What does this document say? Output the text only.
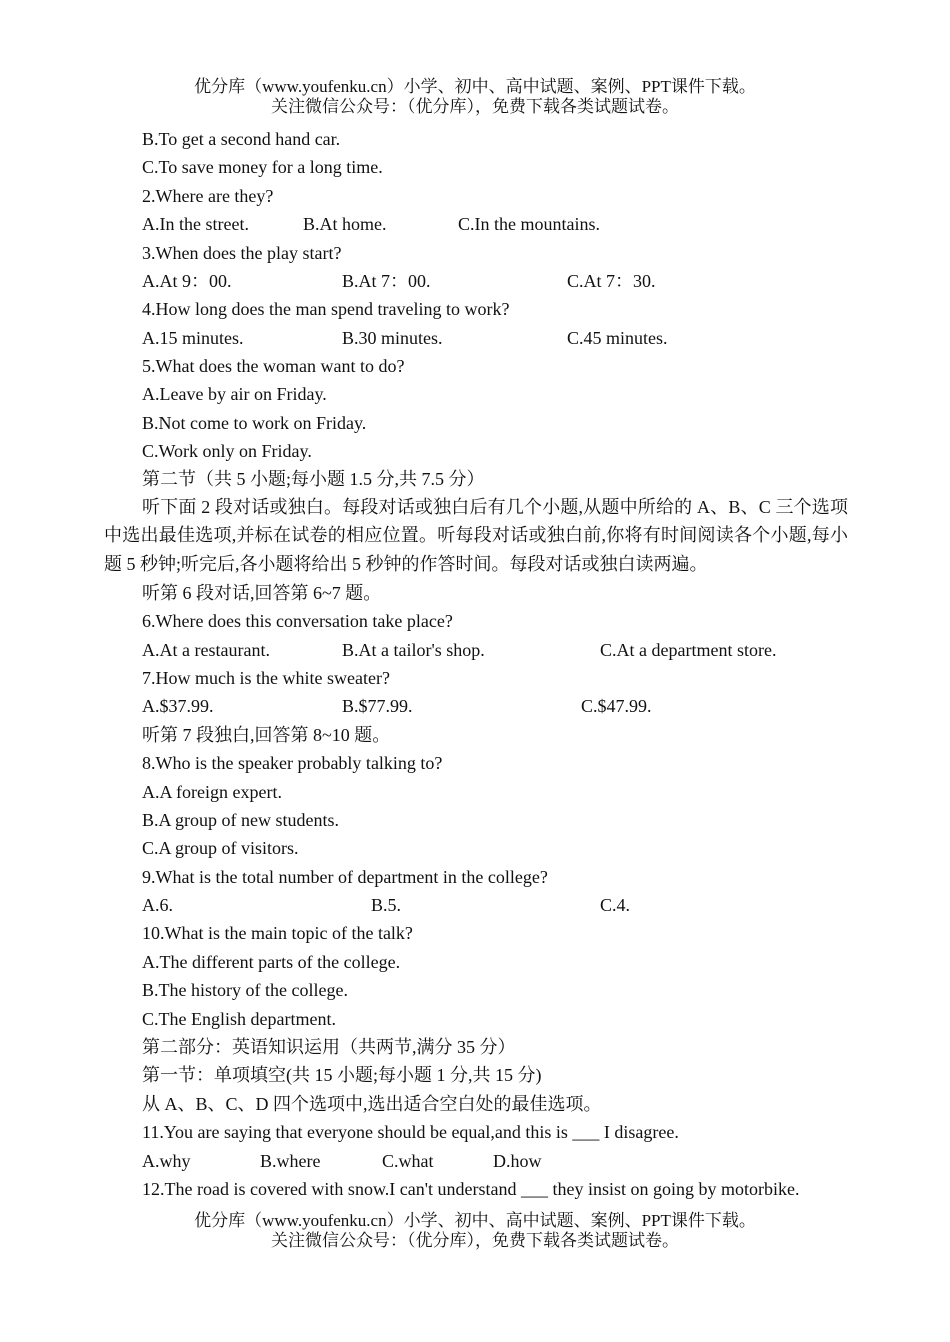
优分库（www.youfenku.cn）小学、初中、高中试题、案例、PPT课件下载。
关注微信公众号：（优分库），免费下载各类试题试卷。
B.To get a second hand car.
C.To save money for a long time.
2.Where are they?
A.In the street.	B.At home.	C.In the mountains.
3.When does the play start?
A.At 9：00.	B.At 7：00.	C.At 7：30.
4.How long does the man spend traveling to work?
A.15 minutes.	B.30 minutes.	C.45 minutes.
5.What does the woman want to do?
A.Leave by air on Friday.
B.Not come to work on Friday.
C.Work only on Friday.
第二节（共 5 小题;每小题 1.5 分,共 7.5 分）
听下面 2 段对话或独白。每段对话或独白后有几个小题,从题中所给的 A、B、C 三个选项中选出最佳选项,并标在试卷的相应位置。听每段对话或独白前,你将有时间阅读各个小题,每小题 5 秒钟;听完后,各小题将给出 5 秒钟的作答时间。每段对话或独白读两遍。
听第 6 段对话,回答第 6~7 题。
6.Where does this conversation take place?
A.At a restaurant.	B.At a tailor's shop.	C.At a department store.
7.How much is the white sweater?
A.$37.99.	B.$77.99.	C.$47.99.
听第 7 段独白,回答第 8~10 题。
8.Who is the speaker probably talking to?
A.A foreign expert.
B.A group of new students.
C.A group of visitors.
9.What is the total number of department in the college?
A.6.	B.5.	C.4.
10.What is the main topic of the talk?
A.The different parts of the college.
B.The history of the college.
C.The English department.
第二部分：英语知识运用（共两节,满分 35 分）
第一节：单项填空(共 15 小题;每小题 1 分,共 15 分)
从 A、B、C、D 四个选项中,选出适合空白处的最佳选项。
11.You are saying that everyone should be equal,and this is ___ I disagree.
A.why	B.where	C.what	D.how
12.The road is covered with snow.I can't understand ___ they insist on going by motorbike.
优分库（www.youfenku.cn）小学、初中、高中试题、案例、PPT课件下载。
关注微信公众号：（优分库），免费下载各类试题试卷。
